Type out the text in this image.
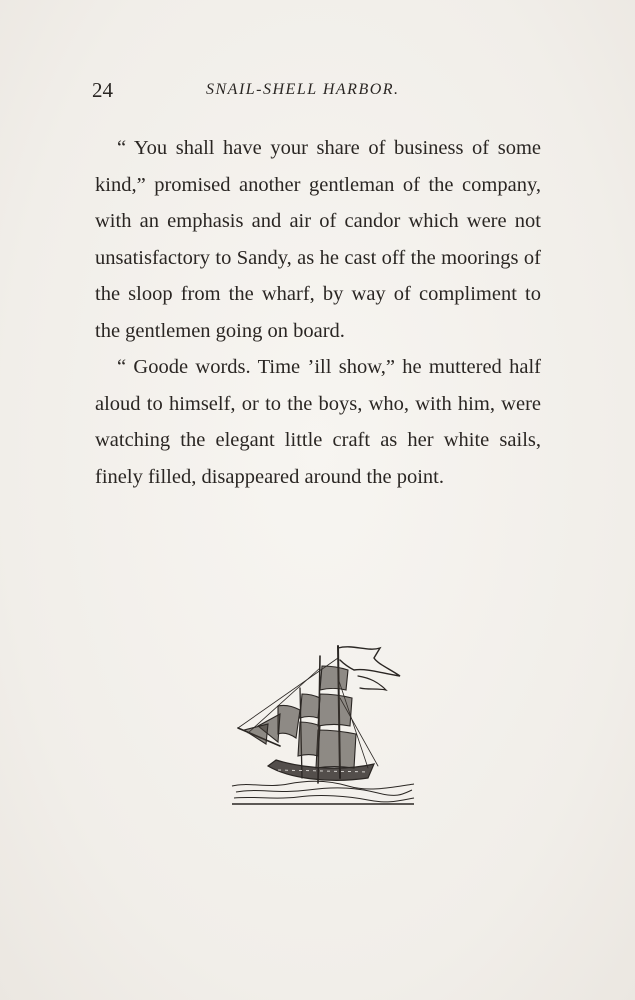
24	SNAIL-SHELL HARBOR.

“ You shall have your share of business of some kind,” promised another gentleman of the company, with an emphasis and air of candor which were not unsatisfactory to Sandy, as he cast off the moorings of the sloop from the wharf, by way of compliment to the gentlemen going on board.

“ Goode words. Time ’ill show,” he muttered half aloud to himself, or to the boys, who, with him, were watching the elegant little craft as her white sails, finely filled, disappeared around the point.
